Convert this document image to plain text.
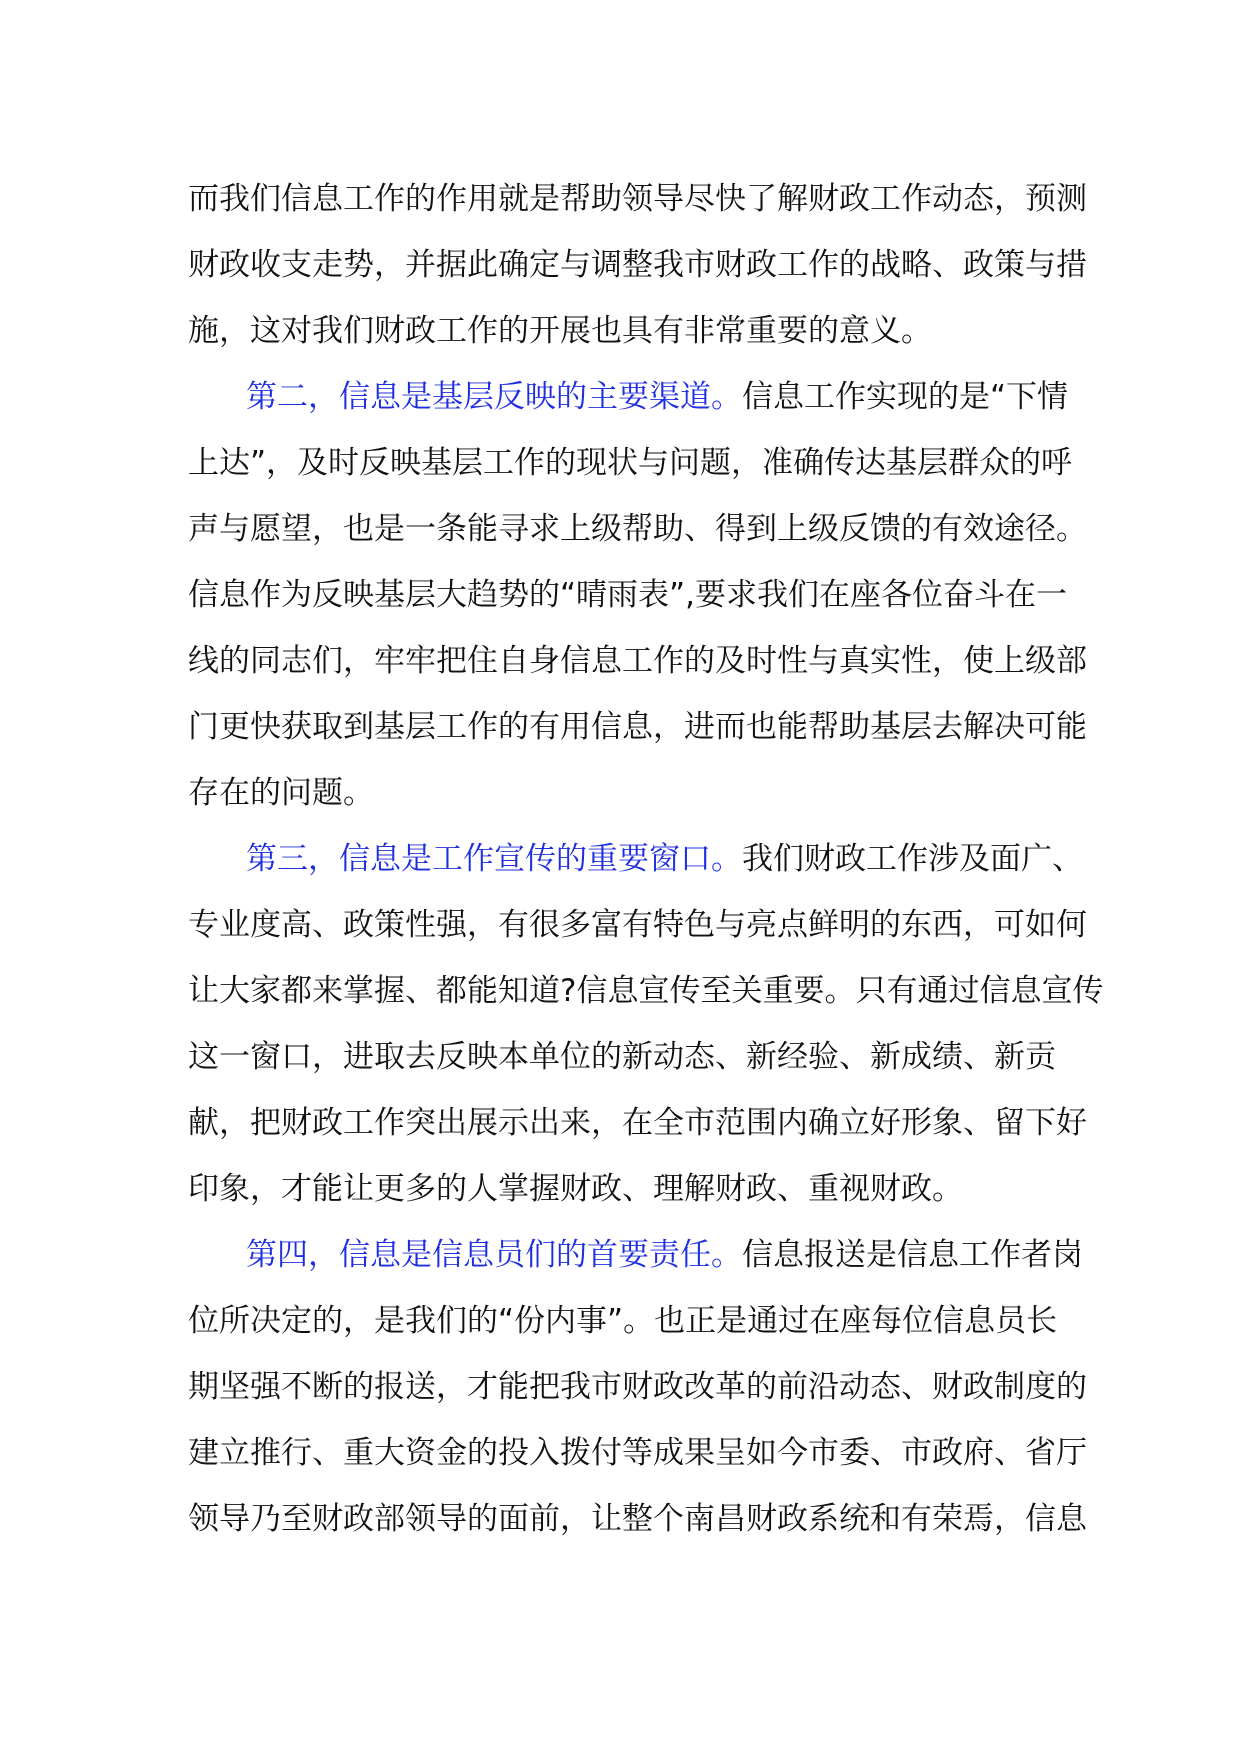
而我们信息工作的作用就是帮助领导尽快了解财政工作动态，预测
财政收支走势，并据此确定与调整我市财政工作的战略、政策与措
施，这对我们财政工作的开展也具有非常重要的意义。
第二，信息是基层反映的主要渠道。信息工作实现的是“下情
上达”，及时反映基层工作的现状与问题，准确传达基层群众的呼
声与愿望，也是一条能寻求上级帮助、得到上级反馈的有效途径。
信息作为反映基层大趋势的“晴雨表”,要求我们在座各位奋斗在一
线的同志们，牢牢把住自身信息工作的及时性与真实性，使上级部
门更快获取到基层工作的有用信息，进而也能帮助基层去解决可能
存在的问题。
第三，信息是工作宣传的重要窗口。我们财政工作涉及面广、
专业度高、政策性强，有很多富有特色与亮点鲜明的东西，可如何
让大家都来掌握、都能知道?信息宣传至关重要。只有通过信息宣传
这一窗口，进取去反映本单位的新动态、新经验、新成绩、新贡
献，把财政工作突出展示出来，在全市范围内确立好形象、留下好
印象，才能让更多的人掌握财政、理解财政、重视财政。
第四，信息是信息员们的首要责任。信息报送是信息工作者岗
位所决定的，是我们的“份内事”。也正是通过在座每位信息员长
期坚强不断的报送，才能把我市财政改革的前沿动态、财政制度的
建立推行、重大资金的投入拨付等成果呈如今市委、市政府、省厅
领导乃至财政部领导的面前，让整个南昌财政系统和有荣焉，信息
